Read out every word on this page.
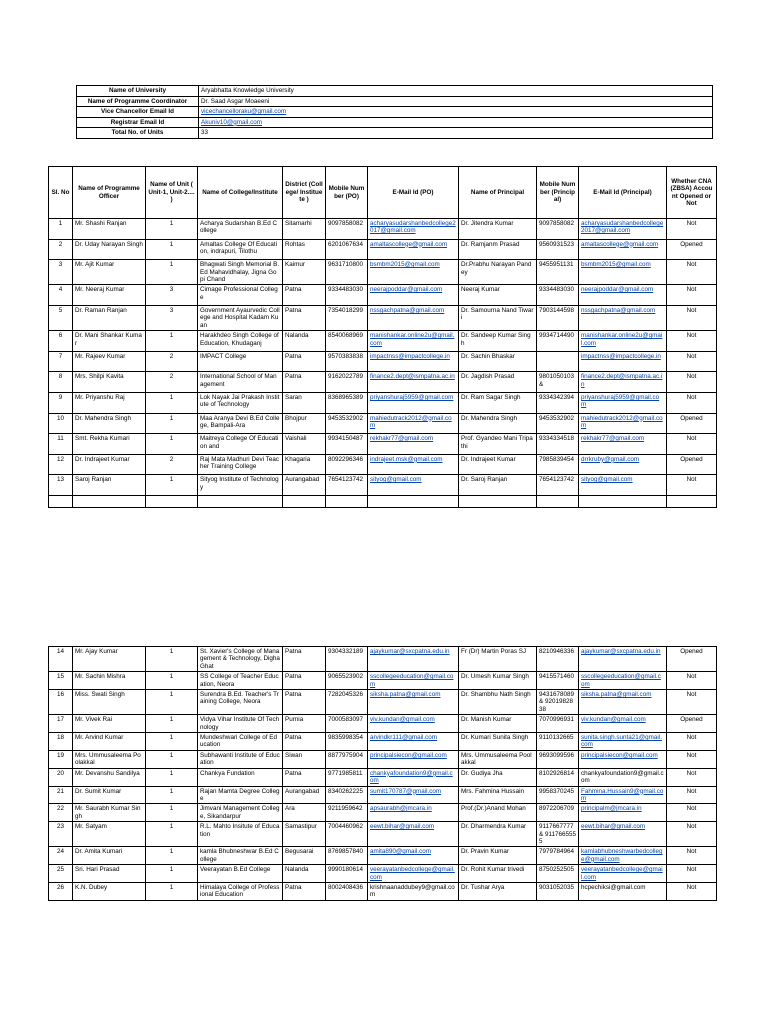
Name of University	Aryabhatta Knowledge University
Name of Programme Coordinator	Dr. Saad Asgar Moaeeni
Vice Chancellor Email Id	vicechancelloraku@gmail.com
Registrar Email Id	Akuniv10@gmail.com
Total No. of Units	33
Sl. No	Name of Programme Officer	Name of Unit ( Unit-1, Unit-2.... )	Name of College/Institute	District (College/ Instituete )	Mobile Number (PO)	E-Mail Id (PO)	Name of Principal	Mobile Number (Principal)	E-Mail Id (Principal)	Whether CNA(ZBSA) Account Opened or Not
1	Mr. Shashi Ranjan	1	Acharya Sudarshan B.Ed College	Sitamarhi	9097858082	acharyasudarshanbedcollege2017@gmail.com	Dr. Jitendra Kumar	9097858082	acharyasudarshanbedcollege2017@gmail.com	Not
2	Dr. Uday Narayan Singh	1	Amaltas College Of Education, indrapuri, Tilothu	Rohtas	6201067634	amaltascollege@gmail.com	Dr. Ramjanm Prasad	9560931523	amaltascollege@gmail.com	Opened
3	Mr. Ajit Kumar	1	Bhagwati Singh Memorial B.Ed Mahavidhalay, Jigna Gopi Chand	Kaimur	9631710800	bsmbm2015@gmail.com	Dr.Prabhu Narayan Pandey	9455951131	bsmbm2015@gmail.com	Not
4	Mr. Neeraj Kumar	3	Cimage Professional College	Patna	9334483030	neerajpoddar@gmail.com	Neeraj Kumar	9334483030	neerajpoddar@gmail.com	Not
5	Dr. Raman Ranjan	3	Government Ayaurvedic College and Hospital Kadam Kuan	Patna	7354018299	nssgachpatna@gmail.com	Dr. Samourna Nand Tiwari	7903144598	nssgachpatna@gmail.com	Not
6	Dr. Mani Shankar Kumar	1	Harakhdeo Singh College of Education, Khudaganj	Nalanda	8540068969	manishankar.online2u@gmail.com	Dr. Sandeep Kumar Singh	9934714490	manishankar.online2u@gmail.com	Not
7	Mr. Rajeev Kumar	2	IMPACT College	Patna	9570383838	impactnss@impactcollege.in	Dr. Sachin Bhaskar		impactnss@impactcollege.in	Not
8	Mrs. Shilpi Kavita	2	International School of Management	Patna	9162022789	finance2.dept@ismpatna.ac.in	Dr. Jagdish Prasad	9801050103 &	finance2.dept@ismpatna.ac.in	Not
9	Mr. Priyanshu Raj	1	Lok Nayak Jai Prakash Institute of Technology	Saran	8368965389	priyanshuraj5959@gmail.com	Dr. Ram Sagar Singh	9334342394	priyanshuraj5959@gmail.com	Not
10	Dr. Mahendra Singh	1	Maa Aranya Devi B.Ed College, Bampali-Ara	Bhojpur	9453532902	mahiedutrack2012@gmail.com	Dr. Mahendra Singh	9453532902	mahiedutrack2012@gmail.com	Opened
11	Smt. Rekha Kumari	1	Maitreya College Of Education and	Vaishali	9934150487	rekhakr77@gmail.com	Prof. Gyandeo Mani Tripathi	9334334518	rekhakr77@gmail.com	Not
12	Dr. Indrajeet Kumar	2	Raj Mata Madhuri Devi Teacher Training College	Khagaria	8092296346	indrajeet.msk@gmail.com	Dr. Indrajeet Kumar	7985839454	drrkruby@gmail.com	Opened
13	Saroj Ranjan	1	Sityog Institute of Technology	Aurangabad	7654123742	sityog@gmail.com	Dr. Saroj Ranjan	7654123742	sityog@gmail.com	Not

14	Mr. Ajay Kumar	1	St. Xavier's College of Management & Technology, Digha Ghat	Patna	9304332189	ajaykumar@sxcpatna.edu.in	Fr (Dr) Martin Poras SJ	8210946336	ajaykumar@sxcpatna.edu.in	Opened
15	Mr. Sachin Mishra	1	SS College of Teacher Education, Neora	Patna	9065523902	sscollegeeducation@gmail.com	Dr. Umesh Kumar Singh	9415571460	sscollegeeducation@gmail.com	Not
16	Miss. Swati Singh	1	Surendra B.Ed. Teacher's Training College, Neora	Patna	7282045326	siksha.patna@gmail.com	Dr. Shambhu Nath Singh	9431678089 & 9201982838	siksha.patna@gmail.com	Not
17	Mr. Vivek Rai	1	Vidya Vihar Institute Of Technology	Purnia	7000583097	viv.kundan@gmail.com	Dr. Manish Kumar	7070996931	viv.kundan@gmail.com	Opened
18	Mr. Arvind Kumar	1	Mundeshwari College of Education	Patna	9835998354	arvindkr111@gmail.com	Dr. Kumari Sunita Singh	9110132665	sunita.singh.sunta21@gmail.com	Not
19	Mrs. Ummusaleema Poolakkal	1	Subhawanti Institute of Education	Siwan	8877975904	principalsiecon@gmail.com	Mrs. Ummusaleema Poolakkal	9693099596	principalsiecon@gmail.com	Not
20	Mr. Devanshu Sandilya	1	Chankya Fundation	Patna	9771985811	chankyafoundation9@gmail.com	Dr. Gudiya Jha	8102926814	chankyafoundation9@gmail.com	Not
21	Dr. Sumit Kumar	1	Rajan Mamta Degree College	Aurangabad	8340262225	sumit170787@gmail.com	Mrs. Fahmina Hussain	9958370245	Fahmina.Hussain9@gmail.com	Not
22	Mr. Saurabh Kumar Singh	1	Jimvani Management College, Sikandarpur	Ara	9211959642	apsaurabh@jmcara.in	Prof.(Dr.)Anand Mohan	8972206709	principalm@jmcara.in	Not
23	Mr. Satyam	1	R.L. Mahto Insitute of Education	Samastipur	7004460962	eewt.bihar@gmail.com	Dr. Dharmendra Kumar	9117667777 & 9117665555	eewt.bihar@gmail.com	Not
24	Dr. Amita Kumari	1	kamla Bhubneshwar B.Ed College	Begusarai	8769857840	amita890@gmail.com	Dr. Pravin Kumar	7979784964	kamlabhubneshwarbedcollege@gmail.com	Not
25	Sri. Hari Prasad	1	Veerayatan B.Ed College	Nalanda	9990180614	veerayatanbedcollege@gmail.com	Dr. Rohit Kumar trivedi	8750252505	veerayatanbedcollege@gmail.com	Not
26	K.N. Dubey	1	Himalaya College of Professional Education	Patna	8002408436	krishnaanaddubey9@gmail.com	Dr. Tushar Arya	9031052035	hcpechiksi@gmail.com	Not
